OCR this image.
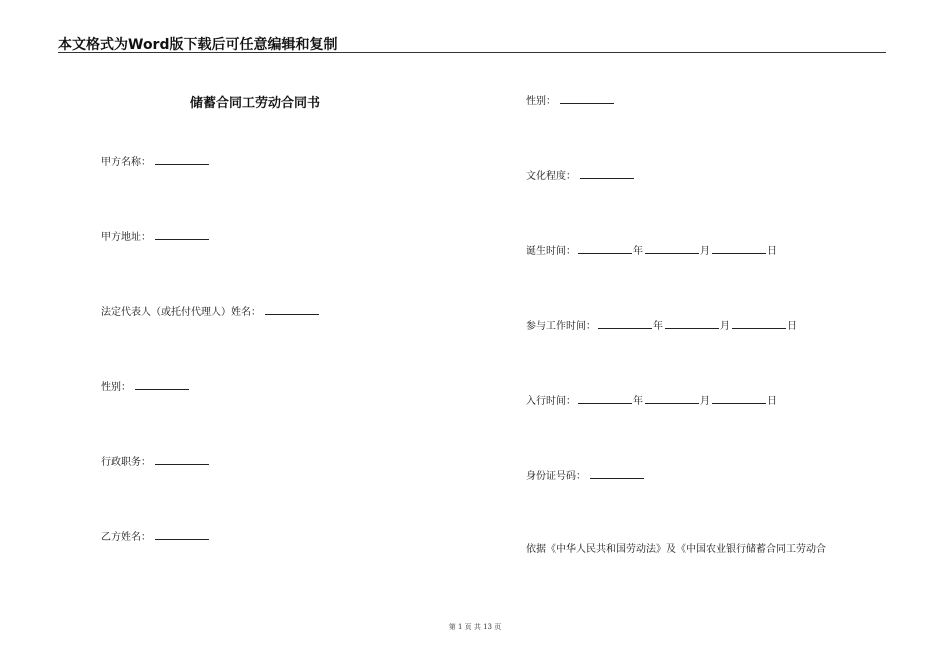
本文格式为Word版下载后可任意编辑和复制
储蓄合同工劳动合同书
甲方名称：
甲方地址：
法定代表人（或托付代理人）姓名：
性别：
行政职务：
乙方姓名：
性别：
文化程度：
诞生时间：	年	月	日
参与工作时间：	年	月	日
入行时间：	年	月	日
身份证号码：
依据《中华人民共和国劳动法》及《中国农业银行储蓄合同工劳动合
第 1 页 共 13 页
